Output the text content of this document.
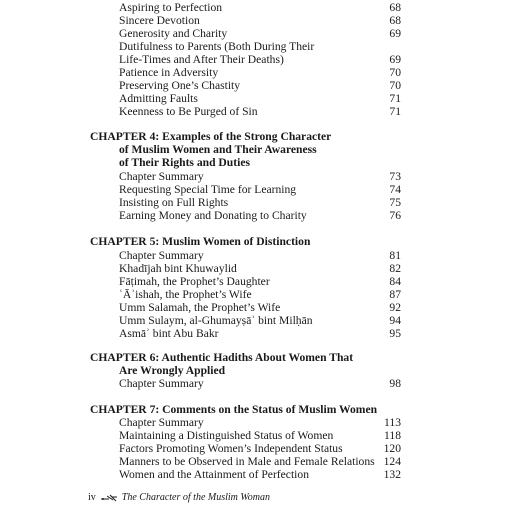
Aspiring to Perfection	68
Sincere Devotion	68
Generosity and Charity	69
Dutifulness to Parents (Both During Their
Life-Times and After Their Deaths)	69
Patience in Adversity	70
Preserving One’s Chastity	70
Admitting Faults	71
Keenness to Be Purged of Sin	71
CHAPTER 4: Examples of the Strong Character
of Muslim Women and Their Awareness
of Their Rights and Duties
Chapter Summary	73
Requesting Special Time for Learning	74
Insisting on Full Rights	75
Earning Money and Donating to Charity	76
CHAPTER 5: Muslim Women of Distinction
Chapter Summary	81
Khadījah bint Khuwaylid	82
Fāṭimah, the Prophet’s Daughter	84
ʿĀʾishah, the Prophet’s Wife	87
Umm Salamah, the Prophet’s Wife	92
Umm Sulaym, al-Ghumayṣāʾ bint Milḥān	94
Asmāʾ bint Abu Bakr	95
CHAPTER 6: Authentic Hadiths About Women That
Are Wrongly Applied
Chapter Summary	98
CHAPTER 7: Comments on the Status of Muslim Women
Chapter Summary	113
Maintaining a Distinguished Status of Women	118
Factors Promoting Women’s Independent Status	120
Manners to be Observed in Male and Female Relations 124
Women and the Attainment of Perfection	132
iv	The Character of the Muslim Woman
